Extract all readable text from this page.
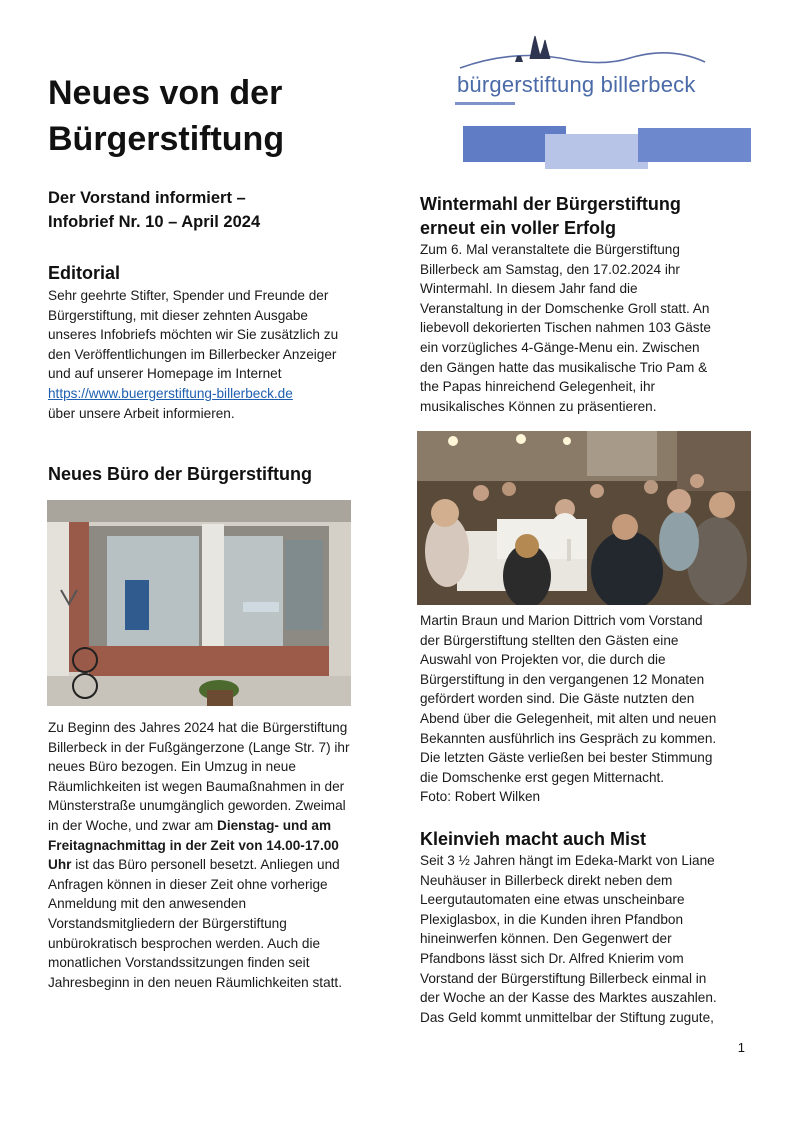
bürgerstiftung billerbeck
Neues von der
Bürgerstiftung
Der Vorstand informiert –
Infobrief Nr. 10 – April 2024
Editorial

Sehr geehrte Stifter, Spender und Freunde der

Bürgerstiftung, mit dieser zehnten Ausgabe

unseres Infobriefs möchten wir Sie zusätzlich zu

den Veröffentlichungen im Billerbecker Anzeiger

und auf unserer Homepage im Internet

https://www.buergerstiftung-billerbeck.de

über unsere Arbeit informieren.

Neues Büro der Bürgerstiftung

Zu Beginn des Jahres 2024 hat die Bürgerstiftung

Billerbeck in der Fußgängerzone (Lange Str. 7) ihr

neues Büro bezogen. Ein Umzug in neue

Räumlichkeiten ist wegen Baumaßnahmen in der

Münsterstraße unumgänglich geworden. Zweimal

in der Woche, und zwar am Dienstag- und am

Freitagnachmittag in der Zeit von 14.00-17.00

Uhr ist das Büro personell besetzt. Anliegen und

Anfragen können in dieser Zeit ohne vorherige

Anmeldung mit den anwesenden

Vorstandsmitgliedern der Bürgerstiftung

unbürokratisch besprochen werden. Auch die

monatlichen Vorstandssitzungen finden seit

Jahresbeginn in den neuen Räumlichkeiten statt.

Wintermahl der Bürgerstiftung
erneut ein voller Erfolg

Zum 6. Mal veranstaltete die Bürgerstiftung

Billerbeck am Samstag, den 17.02.2024 ihr

Wintermahl. In diesem Jahr fand die

Veranstaltung in der Domschenke Groll statt. An

liebevoll dekorierten Tischen nahmen 103 Gäste

ein vorzügliches 4-Gänge-Menu ein. Zwischen

den Gängen hatte das musikalische Trio Pam &

the Papas hinreichend Gelegenheit, ihr

musikalisches Können zu präsentieren.

Martin Braun und Marion Dittrich vom Vorstand

der Bürgerstiftung stellten den Gästen eine

Auswahl von Projekten vor, die durch die

Bürgerstiftung in den vergangenen 12 Monaten

gefördert worden sind. Die Gäste nutzten den

Abend über die Gelegenheit, mit alten und neuen

Bekannten ausführlich ins Gespräch zu kommen.

Die letzten Gäste verließen bei bester Stimmung

die Domschenke erst gegen Mitternacht.

Foto: Robert Wilken

Kleinvieh macht auch Mist

Seit 3 ½ Jahren hängt im Edeka-Markt von Liane

Neuhäuser in Billerbeck direkt neben dem

Leergutautomaten eine etwas unscheinbare

Plexiglasbox, in die Kunden ihren Pfandbon

hineinwerfen können. Den Gegenwert der

Pfandbons lässt sich Dr. Alfred Knierim vom

Vorstand der Bürgerstiftung Billerbeck einmal in

der Woche an der Kasse des Marktes auszahlen.

Das Geld kommt unmittelbar der Stiftung zugute,

1
